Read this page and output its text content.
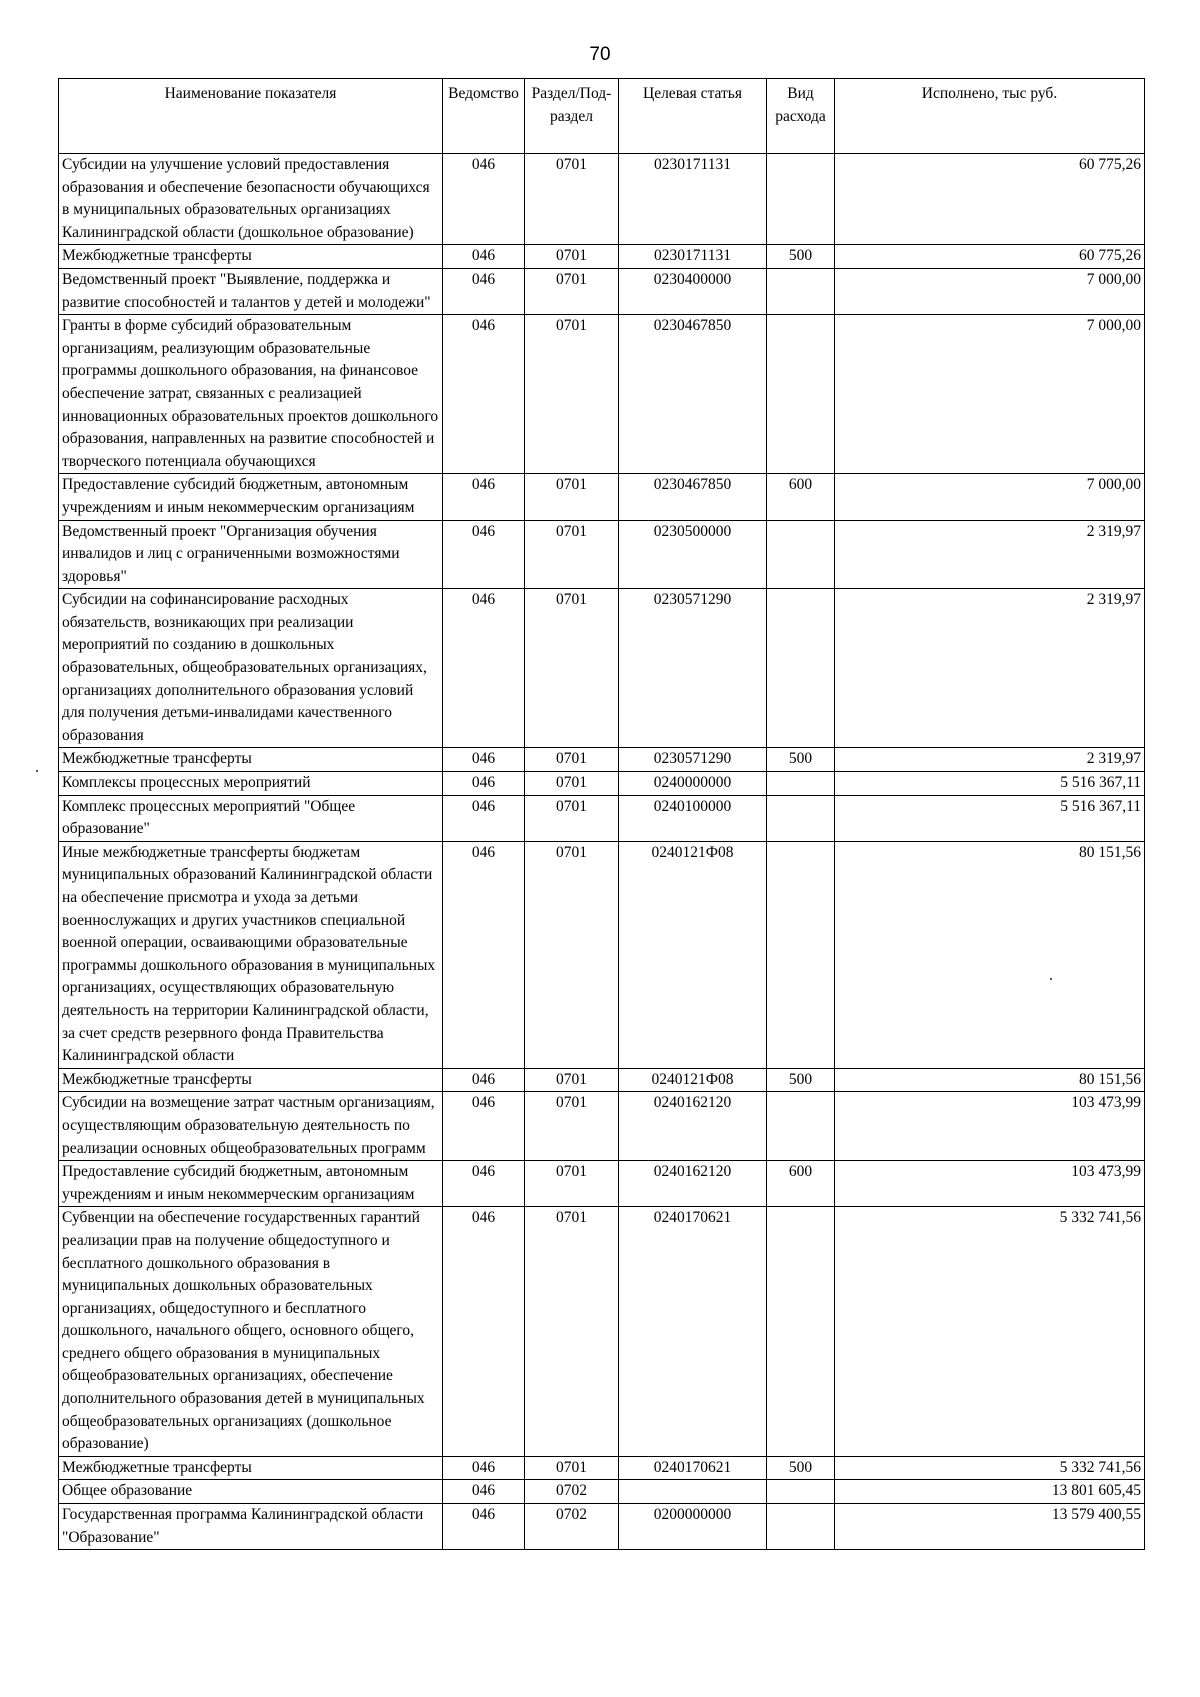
70
Наименование показателя	Ведомство	Раздел/Под-раздел	Целевая статья	Вид расхода	Исполнено, тыс руб.
Субсидии на улучшение условий предоставления образования и обеспечение безопасности обучающихся в муниципальных образовательных организациях Калининградской области (дошкольное образование)	046	0701	0230171131		60 775,26
Межбюджетные трансферты	046	0701	0230171131	500	60 775,26
Ведомственный проект "Выявление, поддержка и развитие способностей и талантов у детей и молодежи"	046	0701	0230400000		7 000,00
Гранты в форме субсидий образовательным организациям, реализующим образовательные программы дошкольного образования, на финансовое обеспечение затрат, связанных с реализацией инновационных образовательных проектов дошкольного образования, направленных на развитие способностей и творческого потенциала обучающихся	046	0701	0230467850		7 000,00
Предоставление субсидий бюджетным, автономным учреждениям и иным некоммерческим организациям	046	0701	0230467850	600	7 000,00
Ведомственный проект "Организация обучения инвалидов и лиц с ограниченными возможностями здоровья"	046	0701	0230500000		2 319,97
Субсидии на софинансирование расходных обязательств, возникающих при реализации мероприятий по созданию в дошкольных образовательных, общеобразовательных организациях, организациях дополнительного образования условий для получения детьми-инвалидами качественного образования	046	0701	0230571290		2 319,97
Межбюджетные трансферты	046	0701	0230571290	500	2 319,97
Комплексы процессных мероприятий	046	0701	0240000000		5 516 367,11
Комплекс процессных мероприятий "Общее образование"	046	0701	0240100000		5 516 367,11
Иные межбюджетные трансферты бюджетам муниципальных образований Калининградской области на обеспечение присмотра и ухода за детьми военнослужащих и других участников специальной военной операции, осваивающими образовательные программы дошкольного образования в муниципальных организациях, осуществляющих образовательную деятельность на территории Калининградской области, за счет средств резервного фонда Правительства Калининградской области	046	0701	0240121Ф08		80 151,56
Межбюджетные трансферты	046	0701	0240121Ф08	500	80 151,56
Субсидии на возмещение затрат частным организациям, осуществляющим образовательную деятельность по реализации основных общеобразовательных программ	046	0701	0240162120		103 473,99
Предоставление субсидий бюджетным, автономным учреждениям и иным некоммерческим организациям	046	0701	0240162120	600	103 473,99
Субвенции на обеспечение государственных гарантий реализации прав на получение общедоступного и бесплатного дошкольного образования в муниципальных дошкольных образовательных организациях, общедоступного и бесплатного дошкольного, начального общего, основного общего, среднего общего образования в муниципальных общеобразовательных организациях, обеспечение дополнительного образования детей в муниципальных общеобразовательных организациях (дошкольное образование)	046	0701	0240170621		5 332 741,56
Межбюджетные трансферты	046	0701	0240170621	500	5 332 741,56
Общее образование	046	0702			13 801 605,45
Государственная программа Калининградской области "Образование"	046	0702	0200000000		13 579 400,55
